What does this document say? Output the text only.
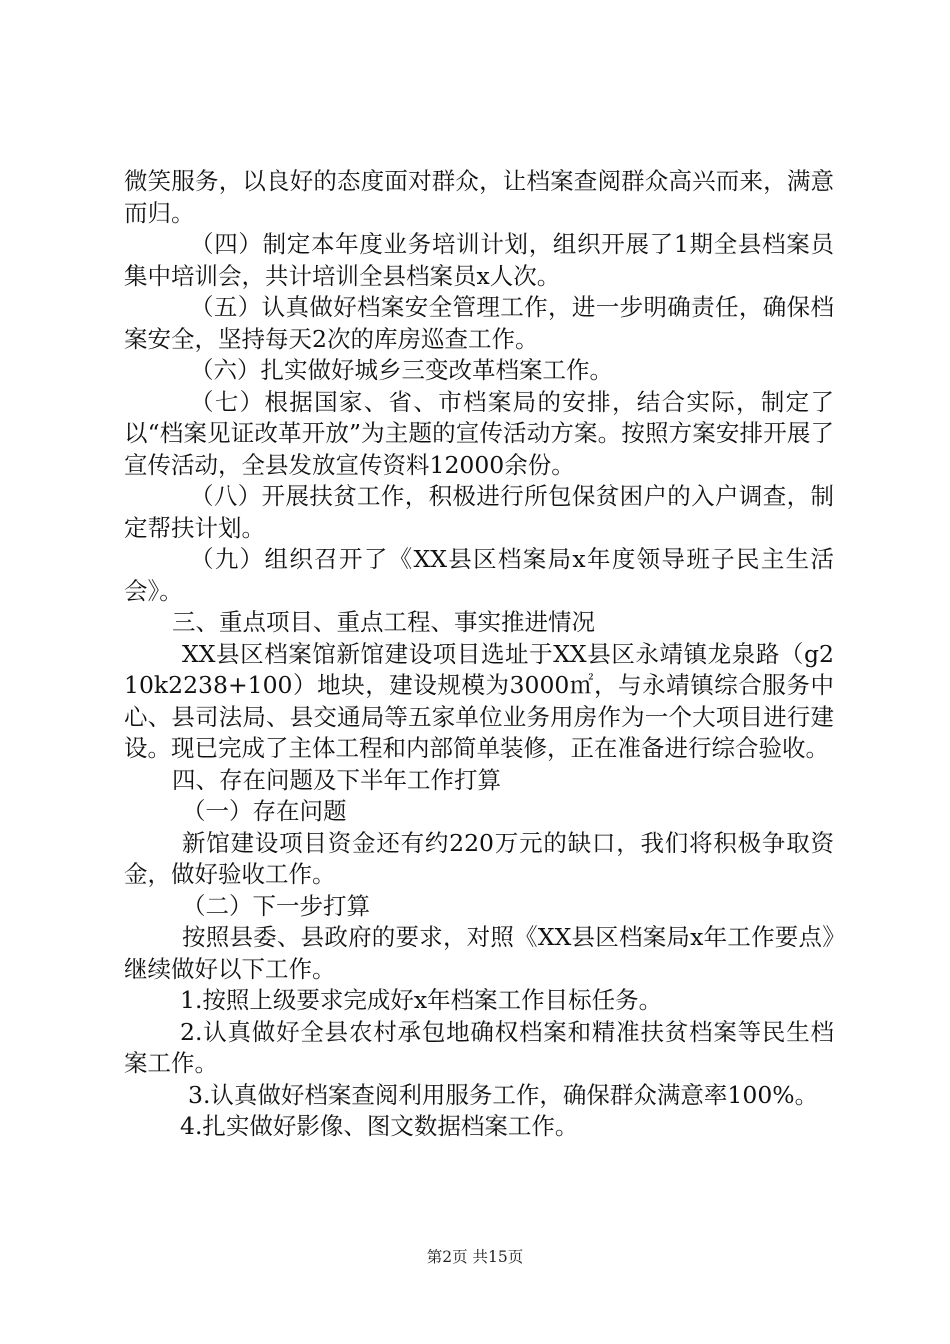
微笑服务，以良好的态度面对群众，让档案查阅群众高兴而来，满意而归。

（四）制定本年度业务培训计划，组织开展了1期全县档案员集中培训会，共计培训全县档案员x人次。

（五）认真做好档案安全管理工作，进一步明确责任，确保档案安全，坚持每天2次的库房巡查工作。

（六）扎实做好城乡三变改革档案工作。

（七）根据国家、省、市档案局的安排，结合实际，制定了以“档案见证改革开放”为主题的宣传活动方案。按照方案安排开展了宣传活动，全县发放宣传资料12000余份。

（八）开展扶贫工作，积极进行所包保贫困户的入户调查，制定帮扶计划。

（九）组织召开了《XX县区档案局x年度领导班子民主生活会》。

三、重点项目、重点工程、事实推进情况

XX县区档案馆新馆建设项目选址于XX县区永靖镇龙泉路（g210k2238+100）地块，建设规模为3000㎡，与永靖镇综合服务中心、县司法局、县交通局等五家单位业务用房作为一个大项目进行建设。现已完成了主体工程和内部简单装修，正在准备进行综合验收。

四、存在问题及下半年工作打算

（一）存在问题

新馆建设项目资金还有约220万元的缺口，我们将积极争取资金，做好验收工作。

（二）下一步打算

按照县委、县政府的要求，对照《XX县区档案局x年工作要点》继续做好以下工作。

1.按照上级要求完成好x年档案工作目标任务。

2.认真做好全县农村承包地确权档案和精准扶贫档案等民生档案工作。

3.认真做好档案查阅利用服务工作，确保群众满意率100%。

4.扎实做好影像、图文数据档案工作。

第2页 共15页
